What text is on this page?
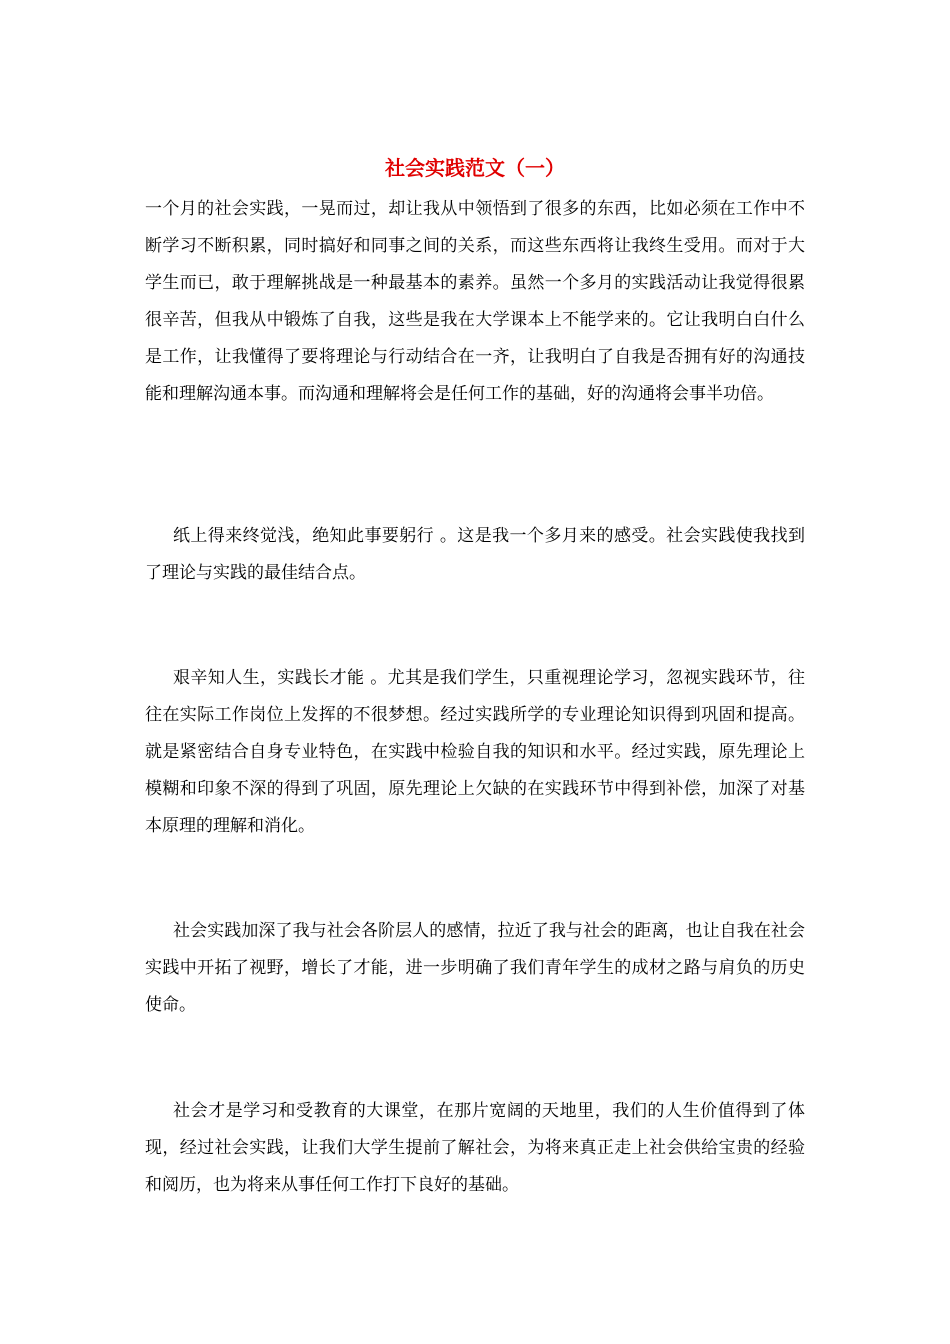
社会实践范文（一）

一个月的社会实践，一晃而过，却让我从中领悟到了很多的东西，比如必须在工作中不断学习不断积累，同时搞好和同事之间的关系，而这些东西将让我终生受用。而对于大学生而已，敢于理解挑战是一种最基本的素养。虽然一个多月的实践活动让我觉得很累很辛苦，但我从中锻炼了自我，这些是我在大学课本上不能学来的。它让我明白白什么是工作，让我懂得了要将理论与行动结合在一齐，让我明白了自我是否拥有好的沟通技能和理解沟通本事。而沟通和理解将会是任何工作的基础，好的沟通将会事半功倍。

纸上得来终觉浅，绝知此事要躬行 。这是我一个多月来的感受。社会实践使我找到了理论与实践的最佳结合点。

艰辛知人生，实践长才能 。尤其是我们学生，只重视理论学习，忽视实践环节，往往在实际工作岗位上发挥的不很梦想。经过实践所学的专业理论知识得到巩固和提高。就是紧密结合自身专业特色，在实践中检验自我的知识和水平。经过实践，原先理论上模糊和印象不深的得到了巩固，原先理论上欠缺的在实践环节中得到补偿，加深了对基本原理的理解和消化。

社会实践加深了我与社会各阶层人的感情，拉近了我与社会的距离，也让自我在社会实践中开拓了视野，增长了才能，进一步明确了我们青年学生的成材之路与肩负的历史使命。

社会才是学习和受教育的大课堂，在那片宽阔的天地里，我们的人生价值得到了体现，经过社会实践，让我们大学生提前了解社会，为将来真正走上社会供给宝贵的经验和阅历，也为将来从事任何工作打下良好的基础。
